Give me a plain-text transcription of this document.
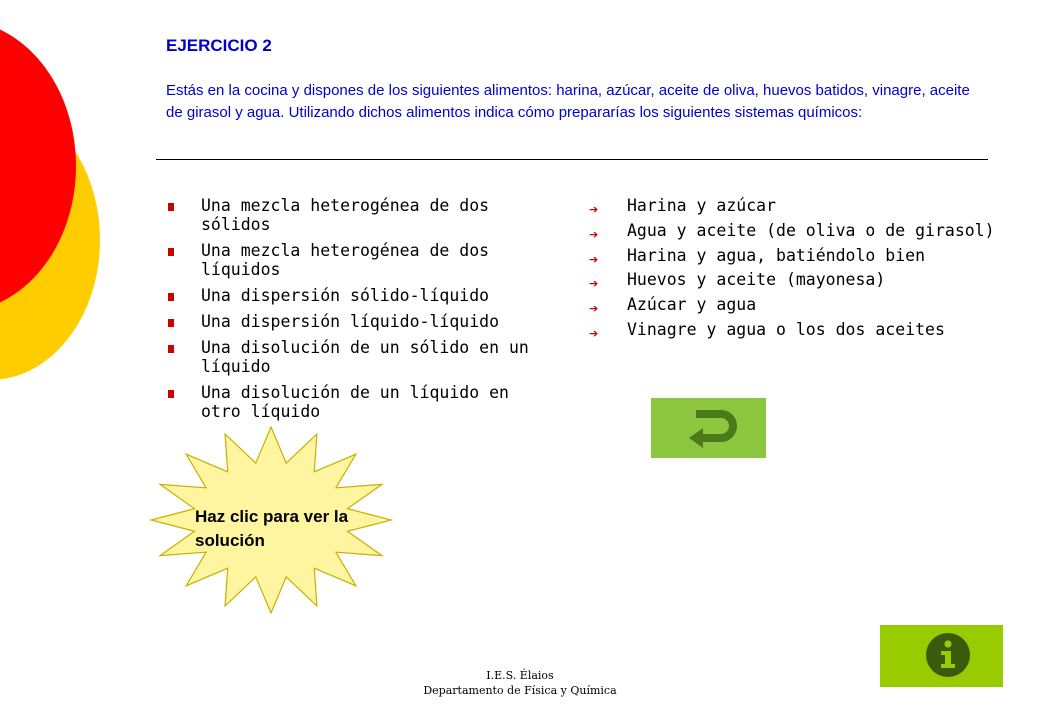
EJERCICIO 2

Estás en la cocina y dispones de los siguientes alimentos: harina, azúcar, aceite de oliva, huevos batidos, vinagre, aceite de girasol y agua. Utilizando dichos alimentos indica cómo prepararías los siguientes sistemas químicos:

Una mezcla heterogénea de dos sólidos
Una mezcla heterogénea de dos líquidos
Una dispersión sólido-líquido
Una dispersión líquido-líquido
Una disolución de un sólido en un líquido
Una disolución de un líquido en otro líquido
➔ Harina y azúcar
➔ Agua y aceite (de oliva o de girasol)
➔ Harina y agua, batiéndolo bien
➔ Huevos y aceite (mayonesa)
➔ Azúcar y agua
➔ Vinagre y agua o los dos aceites

Haz clic para ver la solución

I.E.S. Élaios
Departamento de Física y Química
